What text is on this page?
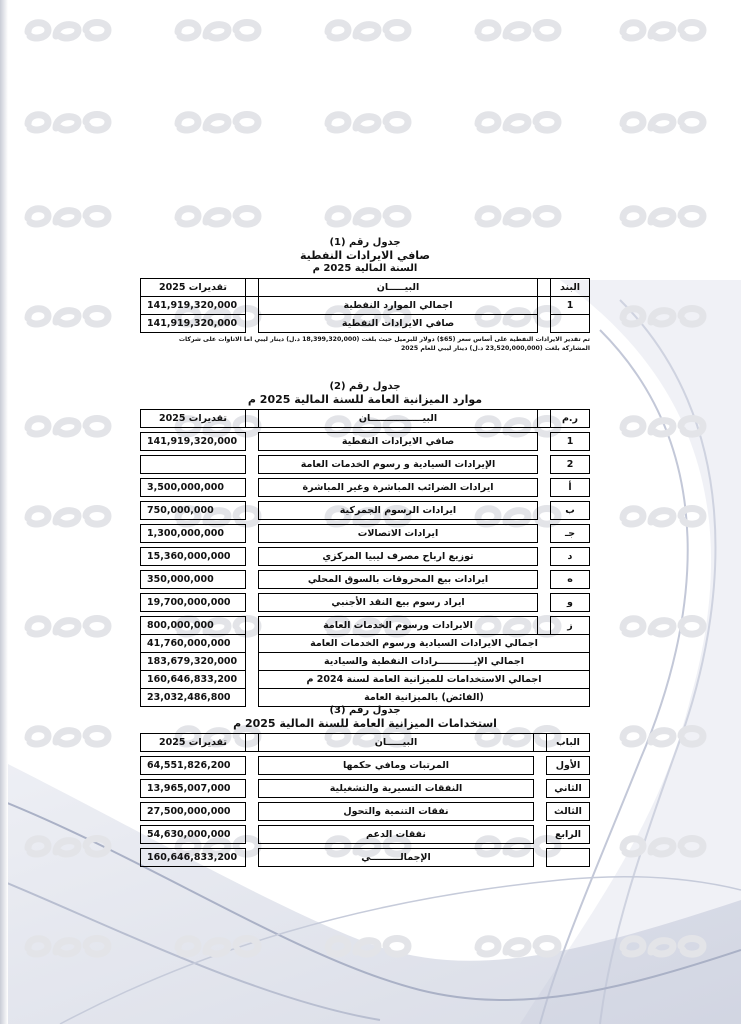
جدول رقم (1)

صافي الايرادات النفطية

السنة المالية 2025 م

البند		البيـــــان		تقديرات 2025
1		اجمالي الموارد النفطية		141,919,320,000
		صافي الايرادات النفطية		141,919,320,000

تم تقدير الايرادات النفطية على أساس سعر (65$) دولار للبرميل حيث بلغت (18,399,320,000 د.ل) دينار ليبي اما الاتاوات على شركات

المشاركة بلغت (23,520,000,000 د.ل) دينار ليبي للعام 2025

جدول رقم (2)

موارد الميزانية العامة للسنة المالية 2025 م

ر.م		البيــــــــــــــــان		تقديرات 2025

1		صافي الايرادات النفطية		141,919,320,000

2		الإيرادات السيادية و رسوم الخدمات العامة		

أ		ايرادات الضرائب المباشرة وغير المباشرة		3,500,000,000

ب		ايرادات الرسوم الجمركية		750,000,000

جـ		ايرادات الاتصالات		1,300,000,000

د		توزيع ارباح مصرف ليبيا المركزي		15,360,000,000

ه		ايرادات بيع المحروقات بالسوق المحلي		350,000,000

و		ايراد رسوم بيع النقد الأجنبي		19,700,000,000

ز		الايرادات ورسوم الخدمات العامة		800,000,000
اجمالي الايرادات السيادية ورسوم الخدمات العامة				41,760,000,000
اجمالي الإيـــــــــــرادات النفطية والسيادية				183,679,320,000
اجمالي الاستخدامات للميزانية العامة لسنة 2024 م				160,646,833,200
(الفائض) بالميزانية العامة				23,032,486,800

جدول رقم (3)

استخدامات الميزانية العامة للسنة المالية 2025 م

الباب		البيـــــان		تقديرات 2025

الأول		المرتبات ومافي حكمها		64,551,826,200

الثاني		النفقات التسيرية والتشغيلية		13,965,007,000

الثالث		نفقات التنمية والتحول		27,500,000,000

الرابع		نفقات الدعم		54,630,000,000

		الإجمالـــــــــي		160,646,833,200
